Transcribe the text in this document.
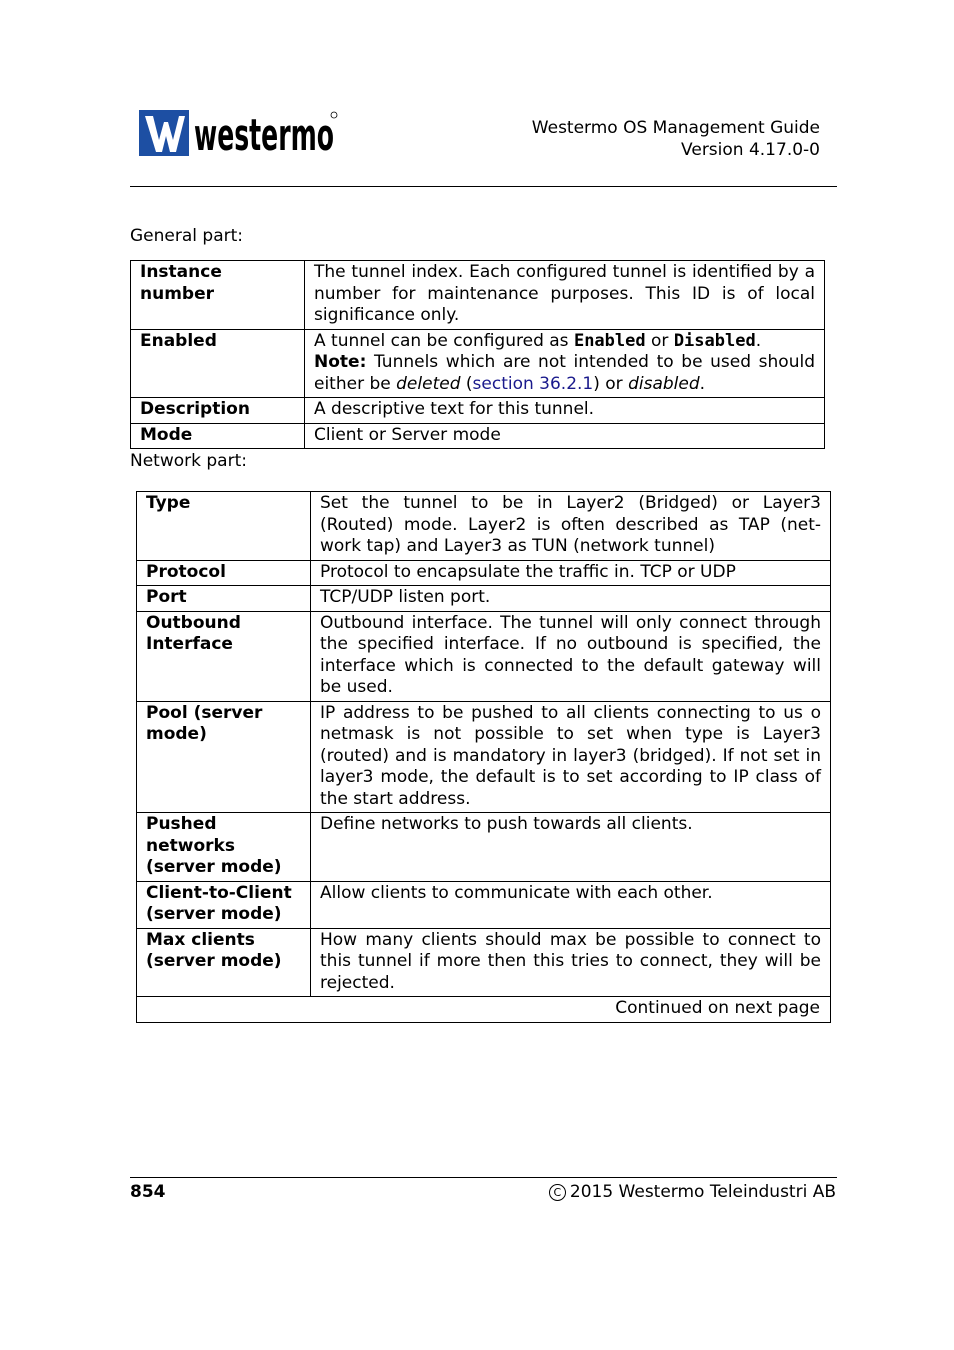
westermo	Westermo OS Management Guide
Version 4.17.0-0
General part:
Instance number	The tunnel index. Each configured tunnel is identified by a number for maintenance purposes. This ID is of local significance only.
Enabled	A tunnel can be configured as Enabled or Disabled.
Note: Tunnels which are not intended to be used should either be deleted (section 36.2.1) or disabled.
Description	A descriptive text for this tunnel.
Mode	Client or Server mode
Network part:
Type	Set the tunnel to be in Layer2 (Bridged) or Layer3 (Routed) mode. Layer2 is often described as TAP (net-work tap) and Layer3 as TUN (network tunnel)
Protocol	Protocol to encapsulate the traffic in. TCP or UDP
Port	TCP/UDP listen port.
Outbound Interface	Outbound interface. The tunnel will only connect through the specified interface. If no outbound is specified, the interface which is connected to the default gateway will be used.
Pool (server mode)	IP address to be pushed to all clients connecting to us o netmask is not possible to set when type is Layer3 (routed) and is mandatory in layer3 (bridged). If not set in layer3 mode, the default is to set according to IP class of the start address.
Pushed networks (server mode)	Define networks to push towards all clients.
Client-to-Client (server mode)	Allow clients to communicate with each other.
Max clients (server mode)	How many clients should max be possible to connect to this tunnel if more then this tries to connect, they will be rejected.
Continued on next page	
854	C 2015 Westermo Teleindustri AB
